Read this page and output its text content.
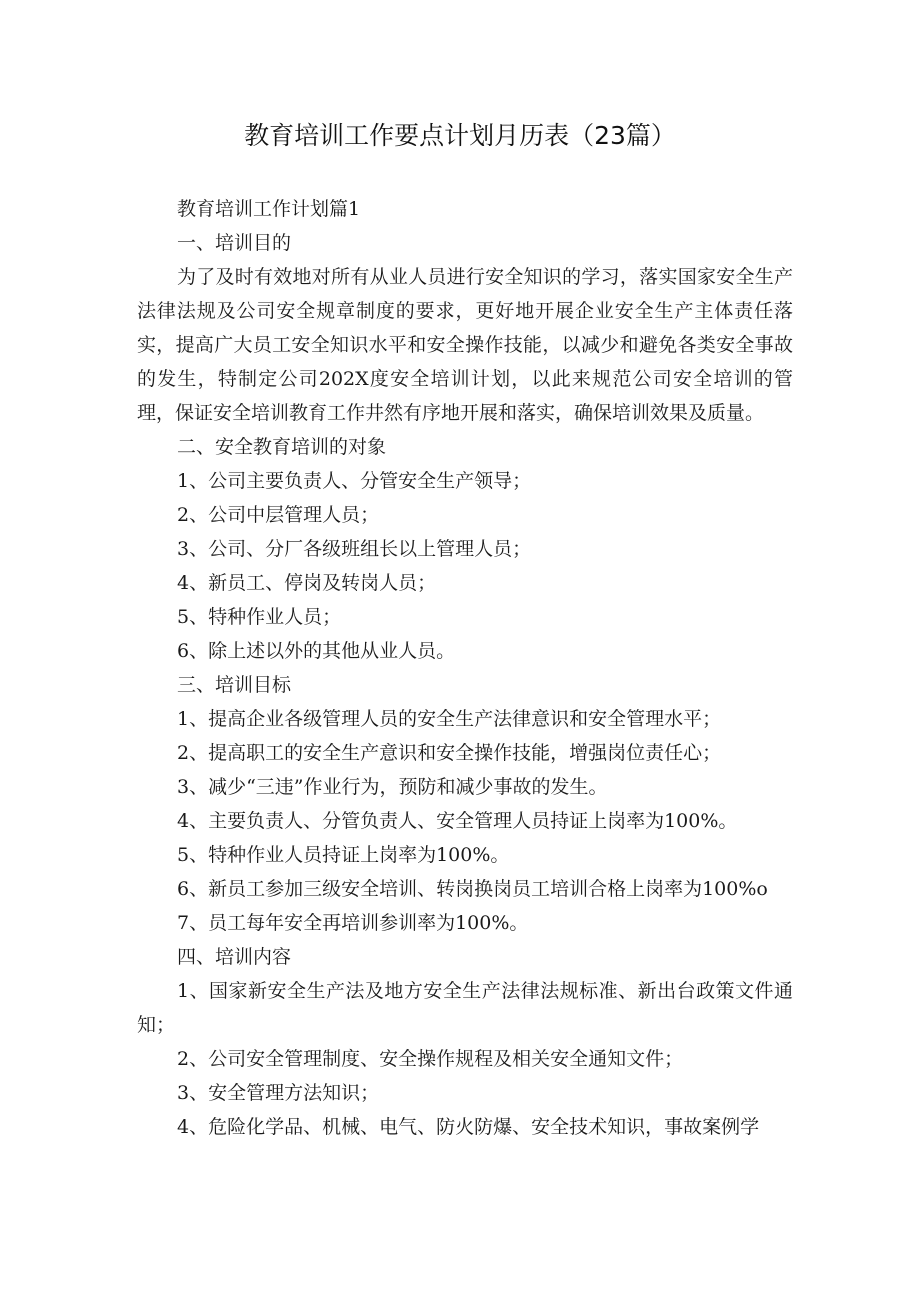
教育培训工作要点计划月历表（23篇）

教育培训工作计划篇1

一、培训目的

为了及时有效地对所有从业人员进行安全知识的学习，落实国家安全生产法律法规及公司安全规章制度的要求，更好地开展企业安全生产主体责任落实，提高广大员工安全知识水平和安全操作技能，以减少和避免各类安全事故的发生，特制定公司202X度安全培训计划，以此来规范公司安全培训的管理，保证安全培训教育工作井然有序地开展和落实，确保培训效果及质量。

二、安全教育培训的对象

1、公司主要负责人、分管安全生产领导；

2、公司中层管理人员；

3、公司、分厂各级班组长以上管理人员；

4、新员工、停岗及转岗人员；

5、特种作业人员；

6、除上述以外的其他从业人员。

三、培训目标

1、提高企业各级管理人员的安全生产法律意识和安全管理水平；

2、提高职工的安全生产意识和安全操作技能，增强岗位责任心；

3、减少“三违”作业行为，预防和减少事故的发生。

4、主要负责人、分管负责人、安全管理人员持证上岗率为100%。

5、特种作业人员持证上岗率为100%。

6、新员工参加三级安全培训、转岗换岗员工培训合格上岗率为100%o

7、员工每年安全再培训参训率为100%。

四、培训内容

1、国家新安全生产法及地方安全生产法律法规标准、新出台政策文件通知；

2、公司安全管理制度、安全操作规程及相关安全通知文件；

3、安全管理方法知识；

4、危险化学品、机械、电气、防火防爆、安全技术知识，事故案例学
